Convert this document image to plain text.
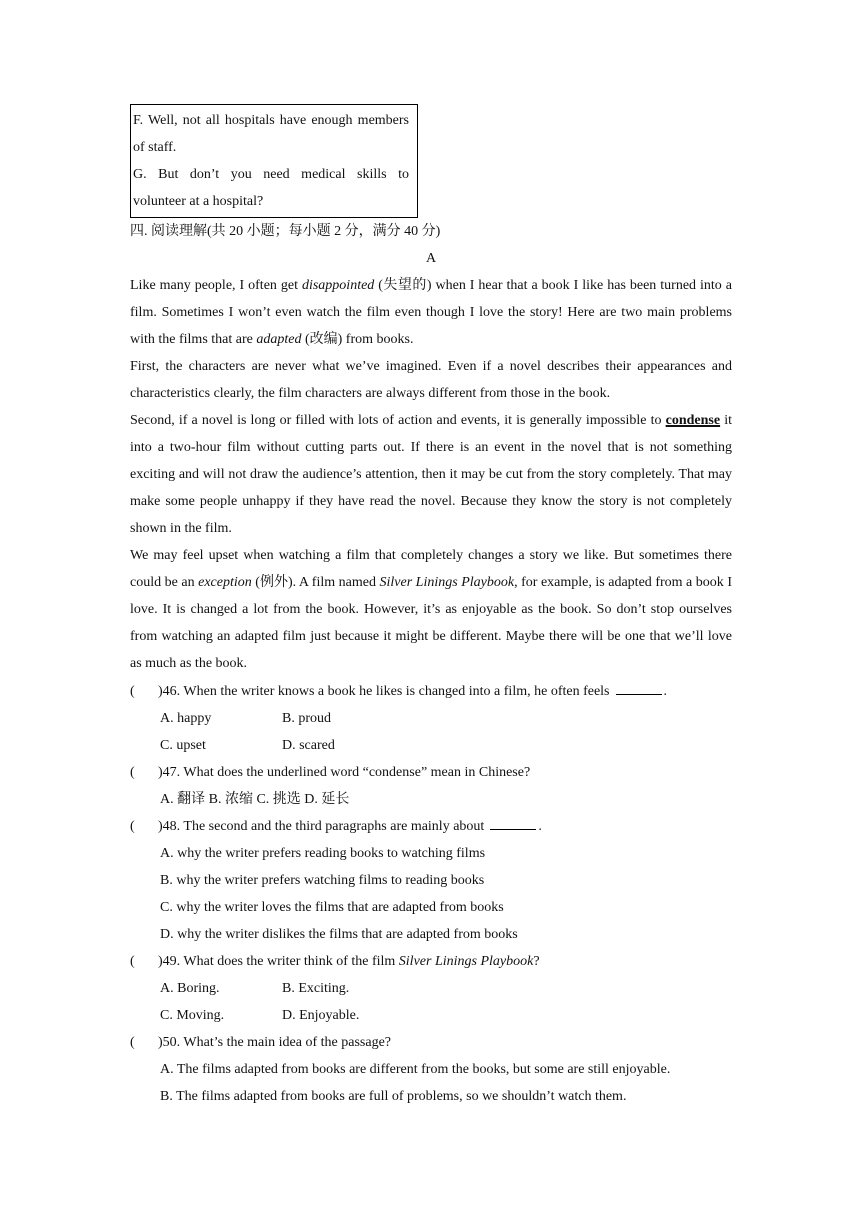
F. Well, not all hospitals have enough members of staff.

G. But don’t you need medical skills to volunteer at a hospital?

四. 阅读理解(共 20 小题；每小题 2 分，满分 40 分)
A

Like many people, I often get disappointed (失望的) when I hear that a book I like has been turned into a film. Sometimes I won’t even watch the film even though I love the story! Here are two main problems with the films that are adapted (改编) from books.

First, the characters are never what we’ve imagined. Even if a novel describes their appearances and characteristics clearly, the film characters are always different from those in the book.

Second, if a novel is long or filled with lots of action and events, it is generally impossible to condense it into a two-hour film without cutting parts out. If there is an event in the novel that is not something exciting and will not draw the audience’s attention, then it may be cut from the story completely. That may make some people unhappy if they have read the novel. Because they know the story is not completely shown in the film.

We may feel upset when watching a film that completely changes a story we like. But sometimes there could be an exception (例外). A film named Silver Linings Playbook, for example, is adapted from a book I love. It is changed a lot from the book. However, it’s as enjoyable as the book. So don’t stop ourselves from watching an adapted film just because it might be different. Maybe there will be one that we’ll love as much as the book.

( )46. When the writer knows a book he likes is changed into a film, he often feels	.
A. happy	B. proud
C. upset	D. scared
( )47. What does the underlined word “condense” mean in Chinese?
A. 翻译 B. 浓缩 C. 挑选 D. 延长
( )48. The second and the third paragraphs are mainly about	.
A. why the writer prefers reading books to watching films
B. why the writer prefers watching films to reading books
C. why the writer loves the films that are adapted from books
D. why the writer dislikes the films that are adapted from books
( )49. What does the writer think of the film Silver Linings Playbook?
A. Boring.	B. Exciting.
C. Moving.	D. Enjoyable.
( )50. What’s the main idea of the passage?
A. The films adapted from books are different from the books, but some are still enjoyable.
B. The films adapted from books are full of problems, so we shouldn’t watch them.
